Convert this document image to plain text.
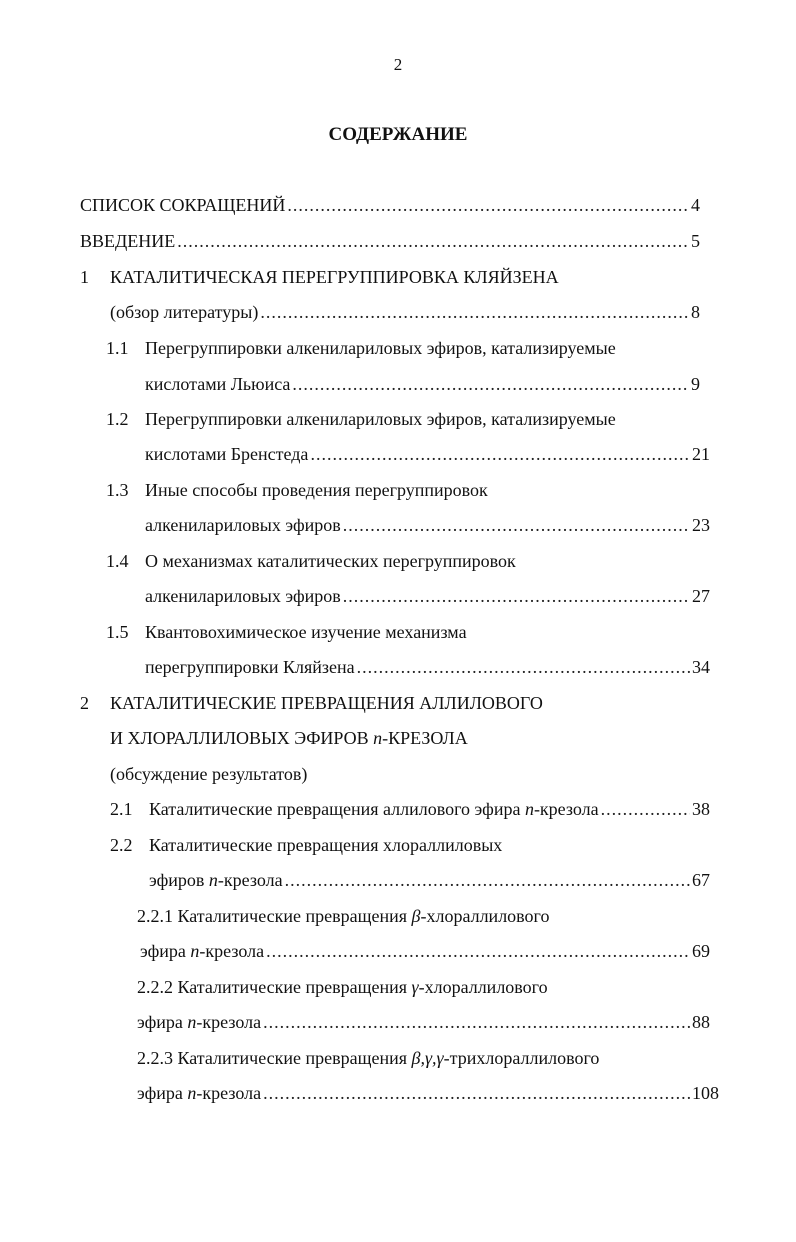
2
СОДЕРЖАНИЕ
СПИСОК СОКРАЩЕНИЙ .....	4
ВВЕДЕНИЕ .....	5
1 КАТАЛИТИЧЕСКАЯ ПЕРЕГРУППИРОВКА КЛЯЙЗЕНА
(обзор литературы) .....	8
1.1 Перегруппировки алкенилариловых эфиров, катализируемые
кислотами Льюиса .....	9
1.2 Перегруппировки алкенилариловых эфиров, катализируемые
кислотами Бренстеда .....	21
1.3 Иные способы проведения перегруппировок
алкенилариловых эфиров .....	23
1.4 О механизмах каталитических перегруппировок
алкенилариловых эфиров .....	27
1.5 Квантовохимическое изучение механизма
перегруппировки Кляйзена .....	34
2 КАТАЛИТИЧЕСКИЕ ПРЕВРАЩЕНИЯ АЛЛИЛОВОГО
И ХЛОРАЛЛИЛОВЫХ ЭФИРОВ п-КРЕЗОЛА
(обсуждение результатов)
2.1 Каталитические превращения аллилового эфира п-крезола .....	38
2.2 Каталитические превращения хлораллиловых
эфиров п-крезола .....	67
2.2.1 Каталитические превращения β-хлораллилового
эфира п-крезола .....	69
2.2.2 Каталитические превращения γ-хлораллилового
эфира п-крезола .....	88
2.2.3 Каталитические превращения β,γ,γ-трихлораллилового
эфира п-крезола .....	108
